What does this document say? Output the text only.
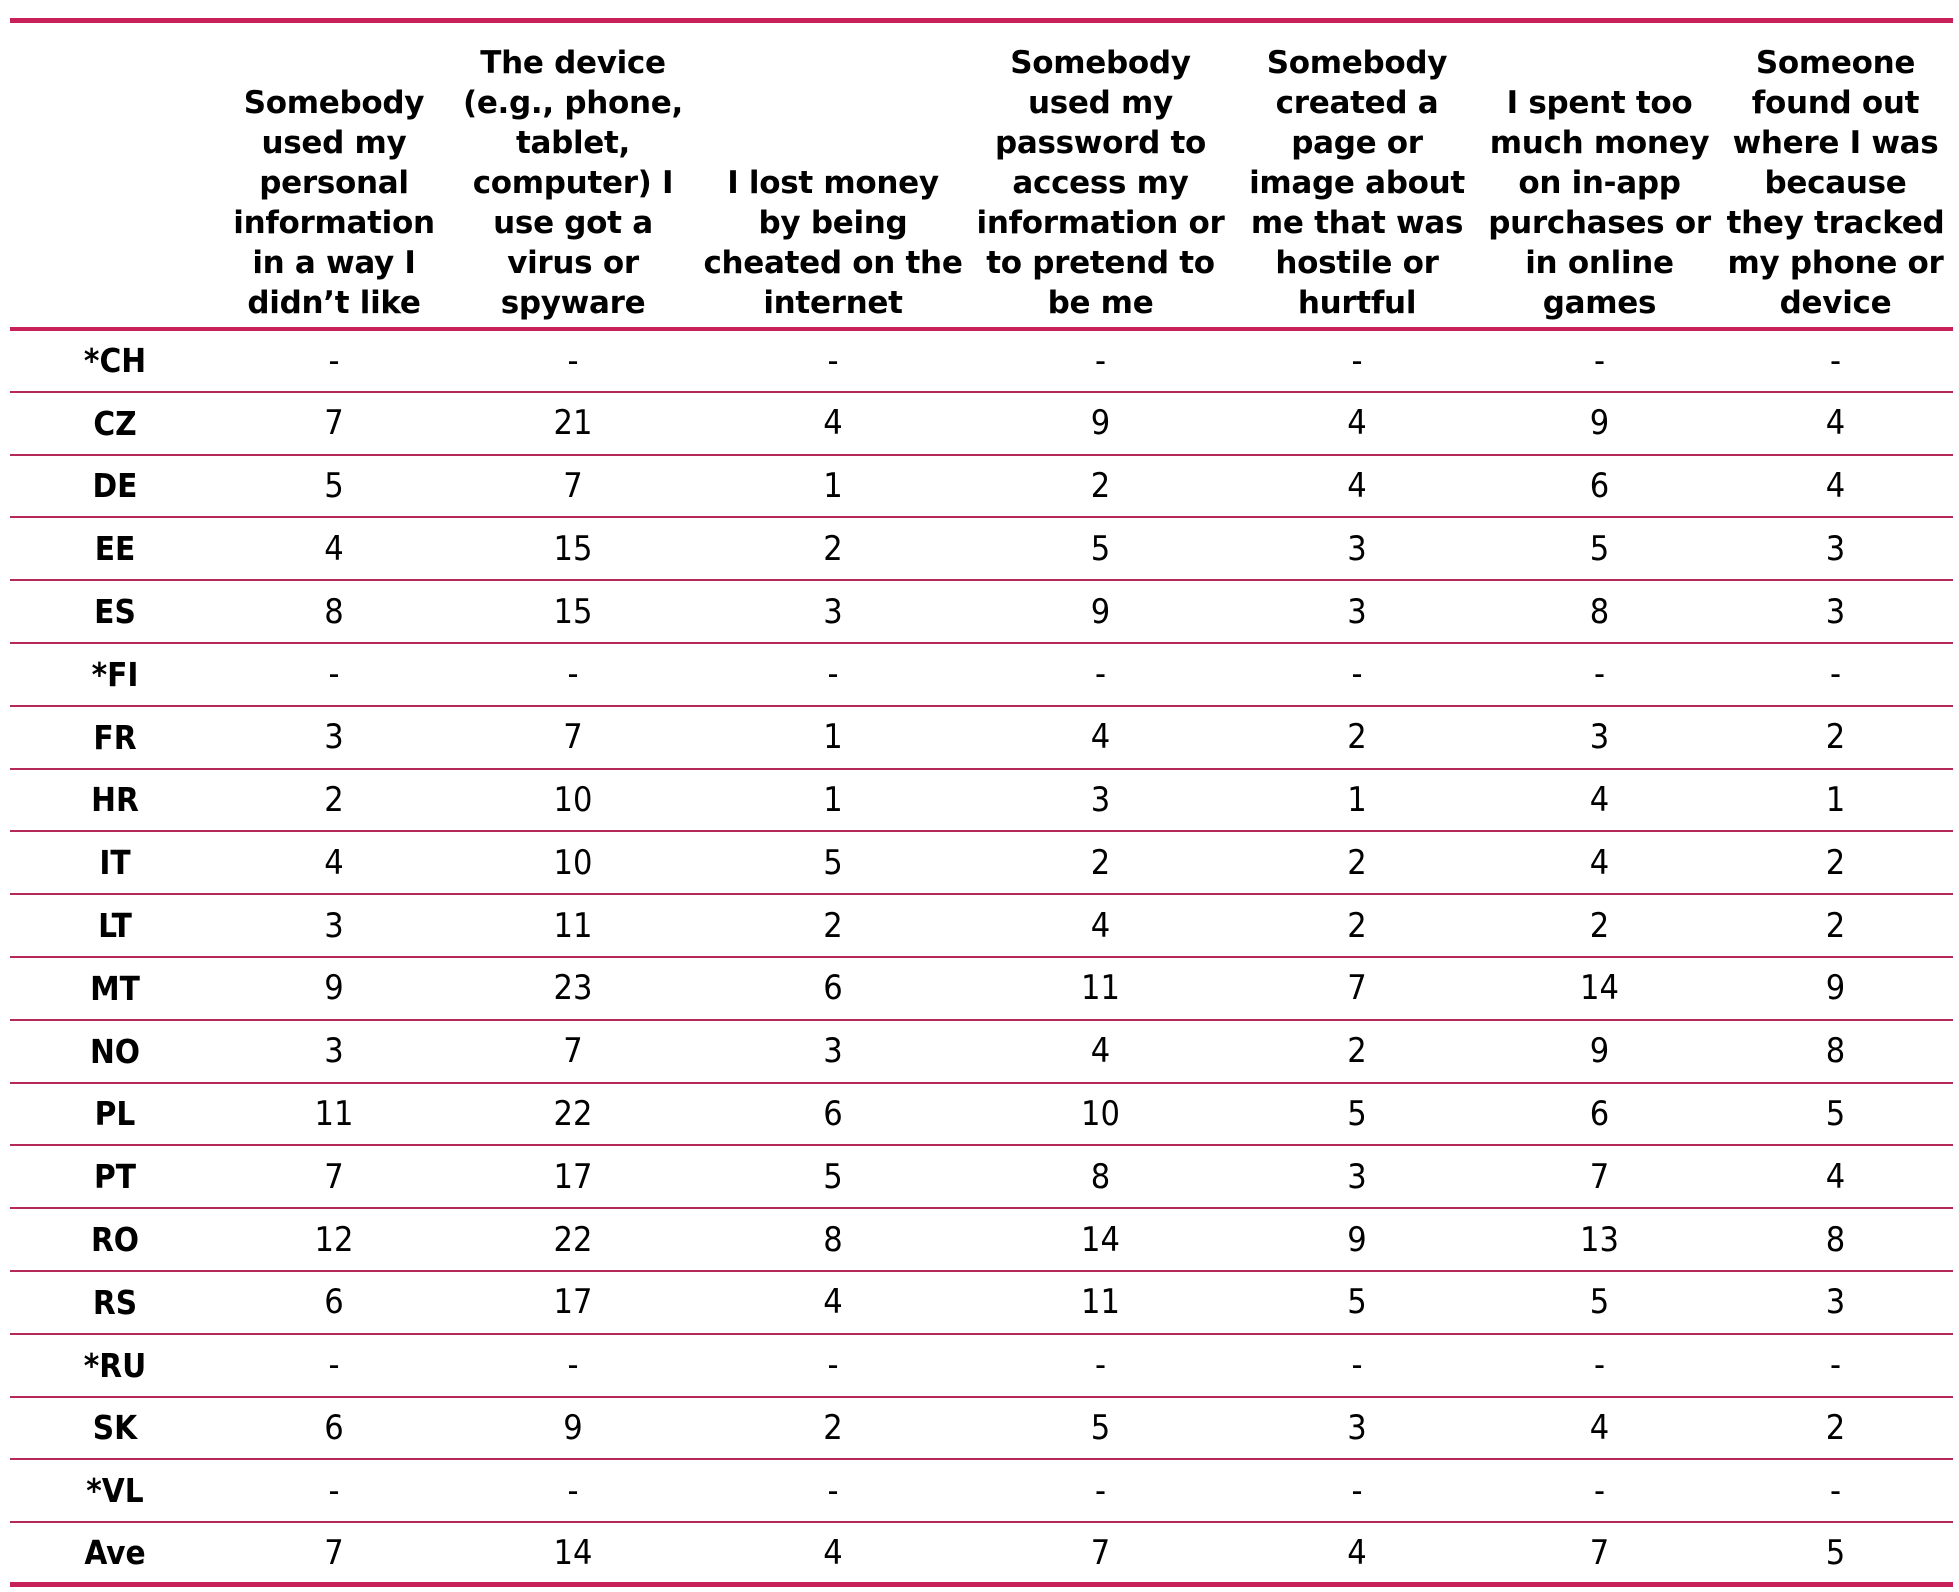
	Somebody used my personal information in a way I didn’t like	The device (e.g., phone, tablet, computer) I use got a virus or spyware	I lost money by being cheated on the internet	Somebody used my password to access my information or to pretend to be me	Somebody created a page or image about me that was hostile or hurtful	I spent too much money on in-app purchases or in online games	Someone found out where I was because they tracked my phone or device
*CH	-	-	-	-	-	-	-
CZ	7	21	4	9	4	9	4
DE	5	7	1	2	4	6	4
EE	4	15	2	5	3	5	3
ES	8	15	3	9	3	8	3
*FI	-	-	-	-	-	-	-
FR	3	7	1	4	2	3	2
HR	2	10	1	3	1	4	1
IT	4	10	5	2	2	4	2
LT	3	11	2	4	2	2	2
MT	9	23	6	11	7	14	9
NO	3	7	3	4	2	9	8
PL	11	22	6	10	5	6	5
PT	7	17	5	8	3	7	4
RO	12	22	8	14	9	13	8
RS	6	17	4	11	5	5	3
*RU	-	-	-	-	-	-	-
SK	6	9	2	5	3	4	2
*VL	-	-	-	-	-	-	-
Ave	7	14	4	7	4	7	5
